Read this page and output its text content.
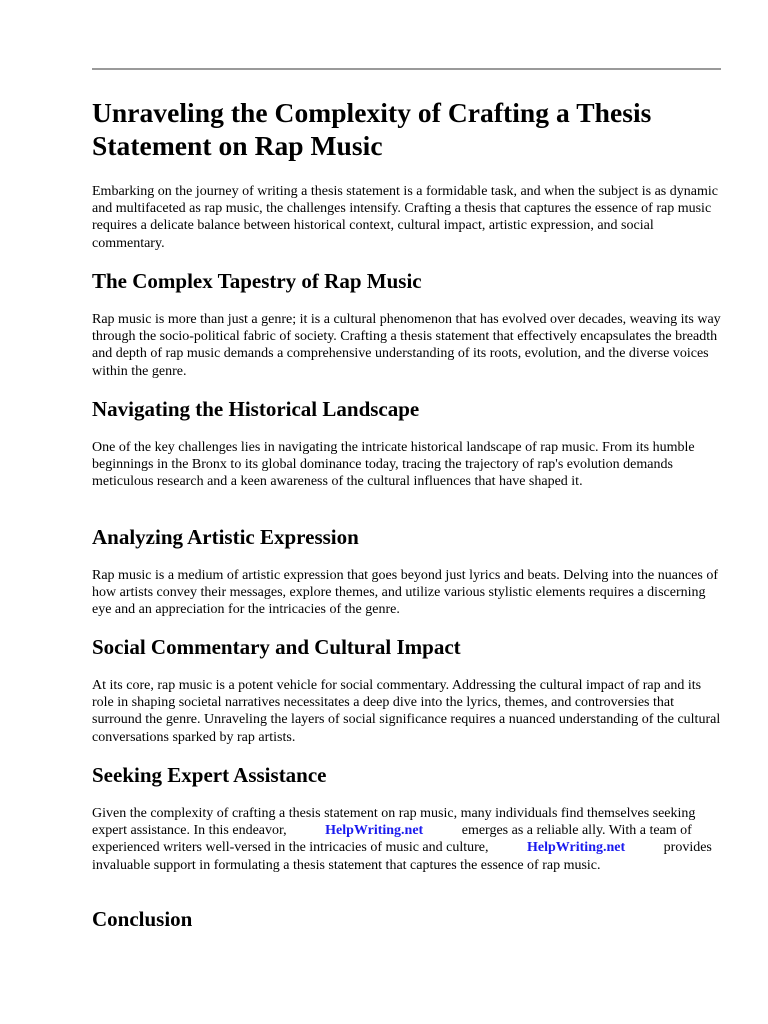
Unraveling the Complexity of Crafting a Thesis Statement on Rap Music

Embarking on the journey of writing a thesis statement is a formidable task, and when the subject is as dynamic and multifaceted as rap music, the challenges intensify. Crafting a thesis that captures the essence of rap music requires a delicate balance between historical context, cultural impact, artistic expression, and social commentary.

The Complex Tapestry of Rap Music

Rap music is more than just a genre; it is a cultural phenomenon that has evolved over decades, weaving its way through the socio-political fabric of society. Crafting a thesis statement that effectively encapsulates the breadth and depth of rap music demands a comprehensive understanding of its roots, evolution, and the diverse voices within the genre.

Navigating the Historical Landscape

One of the key challenges lies in navigating the intricate historical landscape of rap music. From its humble beginnings in the Bronx to its global dominance today, tracing the trajectory of rap's evolution demands meticulous research and a keen awareness of the cultural influences that have shaped it.

Analyzing Artistic Expression

Rap music is a medium of artistic expression that goes beyond just lyrics and beats. Delving into the nuances of how artists convey their messages, explore themes, and utilize various stylistic elements requires a discerning eye and an appreciation for the intricacies of the genre.

Social Commentary and Cultural Impact

At its core, rap music is a potent vehicle for social commentary. Addressing the cultural impact of rap and its role in shaping societal narratives necessitates a deep dive into the lyrics, themes, and controversies that surround the genre. Unraveling the layers of social significance requires a nuanced understanding of the cultural conversations sparked by rap artists.

Seeking Expert Assistance

Given the complexity of crafting a thesis statement on rap music, many individuals find themselves seeking expert assistance. In this endeavor,	HelpWriting.net	emerges as a reliable ally. With a team of experienced writers well-versed in the intricacies of music and culture,	HelpWriting.net	provides invaluable support in formulating a thesis statement that captures the essence of rap music.

Conclusion
